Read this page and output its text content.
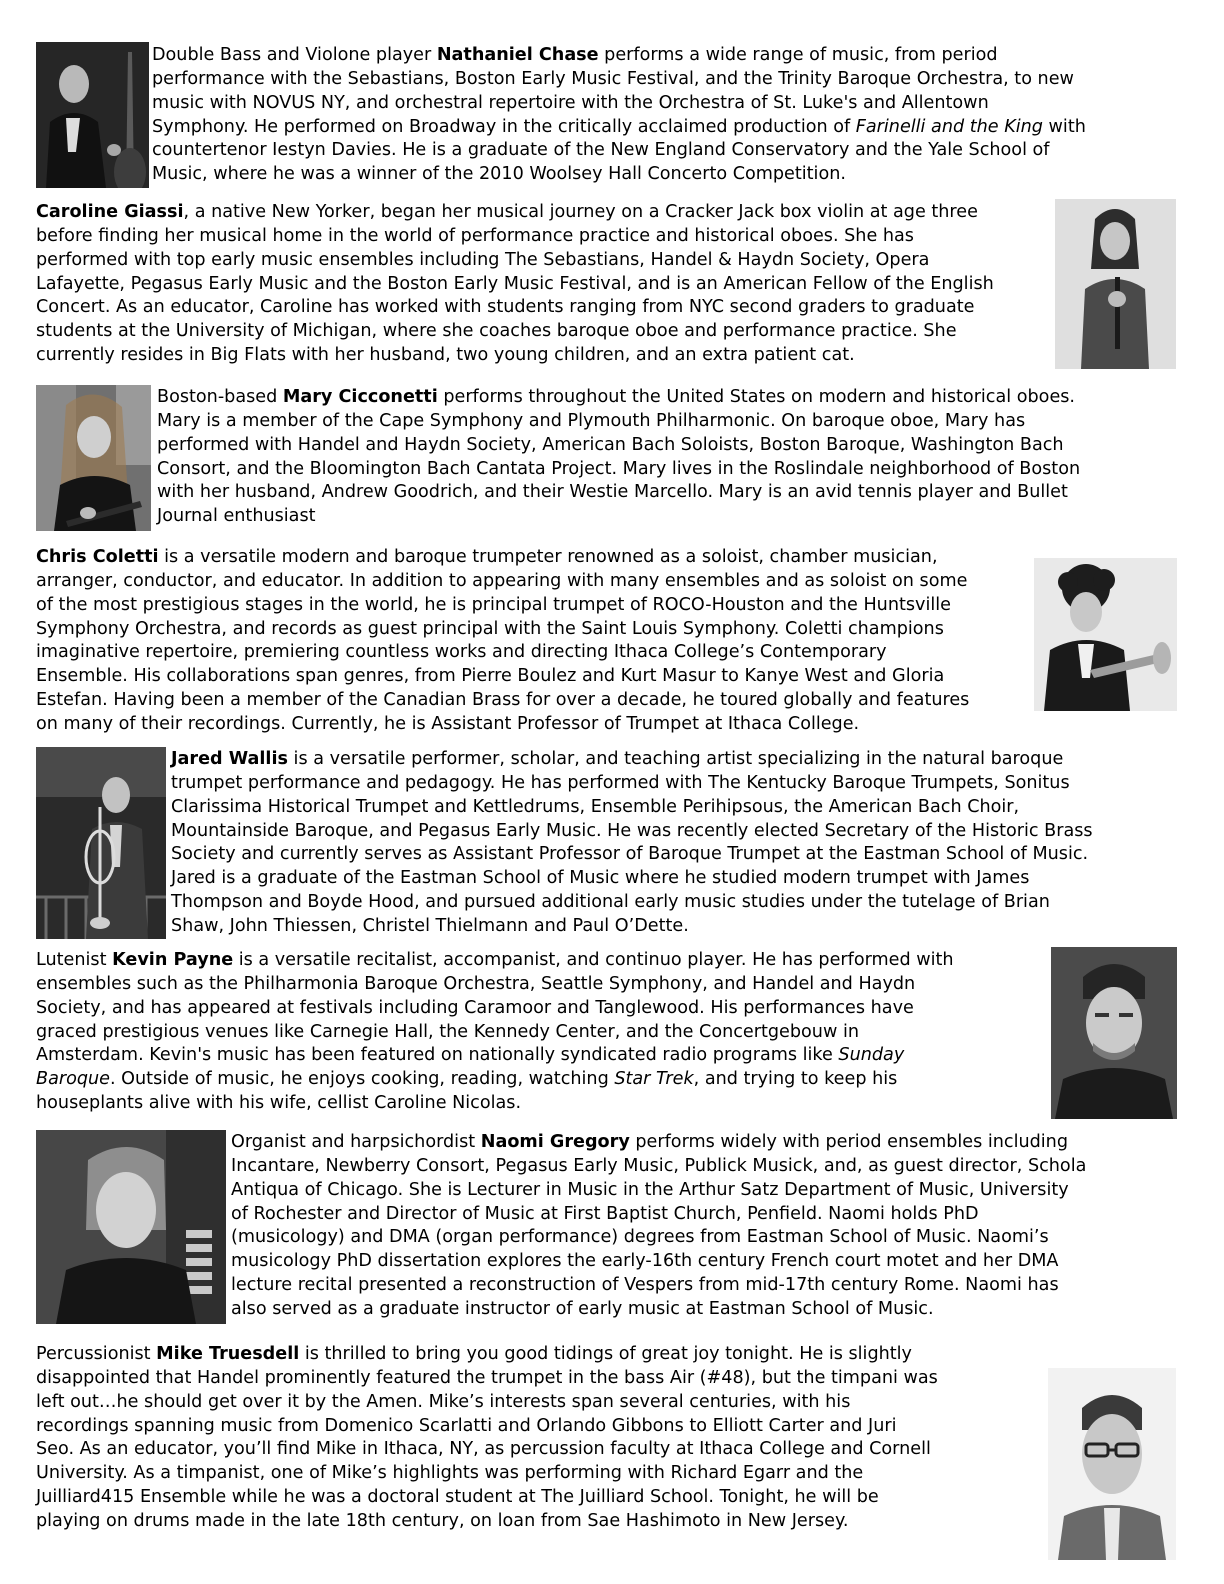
Double Bass and Violone player Nathaniel Chase performs a wide range of music, from period
performance with the Sebastians, Boston Early Music Festival, and the Trinity Baroque Orchestra, to new
music with NOVUS NY, and orchestral repertoire with the Orchestra of St. Luke's and Allentown
Symphony. He performed on Broadway in the critically acclaimed production of Farinelli and the King with
countertenor Iestyn Davies. He is a graduate of the New England Conservatory and the Yale School of
Music, where he was a winner of the 2010 Woolsey Hall Concerto Competition.
Caroline Giassi, a native New Yorker, began her musical journey on a Cracker Jack box violin at age three
before finding her musical home in the world of performance practice and historical oboes. She has
performed with top early music ensembles including The Sebastians, Handel & Haydn Society, Opera
Lafayette, Pegasus Early Music and the Boston Early Music Festival, and is an American Fellow of the English
Concert. As an educator, Caroline has worked with students ranging from NYC second graders to graduate
students at the University of Michigan, where she coaches baroque oboe and performance practice. She
currently resides in Big Flats with her husband, two young children, and an extra patient cat.
Boston-based Mary Cicconetti performs throughout the United States on modern and historical oboes.
Mary is a member of the Cape Symphony and Plymouth Philharmonic. On baroque oboe, Mary has
performed with Handel and Haydn Society, American Bach Soloists, Boston Baroque, Washington Bach
Consort, and the Bloomington Bach Cantata Project. Mary lives in the Roslindale neighborhood of Boston
with her husband, Andrew Goodrich, and their Westie Marcello. Mary is an avid tennis player and Bullet
Journal enthusiast
Chris Coletti is a versatile modern and baroque trumpeter renowned as a soloist, chamber musician,
arranger, conductor, and educator. In addition to appearing with many ensembles and as soloist on some
of the most prestigious stages in the world, he is principal trumpet of ROCO-Houston and the Huntsville
Symphony Orchestra, and records as guest principal with the Saint Louis Symphony. Coletti champions
imaginative repertoire, premiering countless works and directing Ithaca College’s Contemporary
Ensemble. His collaborations span genres, from Pierre Boulez and Kurt Masur to Kanye West and Gloria
Estefan. Having been a member of the Canadian Brass for over a decade, he toured globally and features
on many of their recordings. Currently, he is Assistant Professor of Trumpet at Ithaca College.
Jared Wallis is a versatile performer, scholar, and teaching artist specializing in the natural baroque
trumpet performance and pedagogy. He has performed with The Kentucky Baroque Trumpets, Sonitus
Clarissima Historical Trumpet and Kettledrums, Ensemble Perihipsous, the American Bach Choir,
Mountainside Baroque, and Pegasus Early Music. He was recently elected Secretary of the Historic Brass
Society and currently serves as Assistant Professor of Baroque Trumpet at the Eastman School of Music.
Jared is a graduate of the Eastman School of Music where he studied modern trumpet with James
Thompson and Boyde Hood, and pursued additional early music studies under the tutelage of Brian
Shaw, John Thiessen, Christel Thielmann and Paul O’Dette.
Lutenist Kevin Payne is a versatile recitalist, accompanist, and continuo player. He has performed with
ensembles such as the Philharmonia Baroque Orchestra, Seattle Symphony, and Handel and Haydn
Society, and has appeared at festivals including Caramoor and Tanglewood. His performances have
graced prestigious venues like Carnegie Hall, the Kennedy Center, and the Concertgebouw in
Amsterdam. Kevin's music has been featured on nationally syndicated radio programs like Sunday
Baroque. Outside of music, he enjoys cooking, reading, watching Star Trek, and trying to keep his
houseplants alive with his wife, cellist Caroline Nicolas.
Organist and harpsichordist Naomi Gregory performs widely with period ensembles including
Incantare, Newberry Consort, Pegasus Early Music, Publick Musick, and, as guest director, Schola
Antiqua of Chicago. She is Lecturer in Music in the Arthur Satz Department of Music, University
of Rochester and Director of Music at First Baptist Church, Penfield. Naomi holds PhD
(musicology) and DMA (organ performance) degrees from Eastman School of Music. Naomi’s
musicology PhD dissertation explores the early-16th century French court motet and her DMA
lecture recital presented a reconstruction of Vespers from mid-17th century Rome. Naomi has
also served as a graduate instructor of early music at Eastman School of Music.
Percussionist Mike Truesdell is thrilled to bring you good tidings of great joy tonight. He is slightly
disappointed that Handel prominently featured the trumpet in the bass Air (#48), but the timpani was
left out…he should get over it by the Amen. Mike’s interests span several centuries, with his
recordings spanning music from Domenico Scarlatti and Orlando Gibbons to Elliott Carter and Juri
Seo. As an educator, you’ll find Mike in Ithaca, NY, as percussion faculty at Ithaca College and Cornell
University. As a timpanist, one of Mike’s highlights was performing with Richard Egarr and the
Juilliard415 Ensemble while he was a doctoral student at The Juilliard School. Tonight, he will be
playing on drums made in the late 18th century, on loan from Sae Hashimoto in New Jersey.
